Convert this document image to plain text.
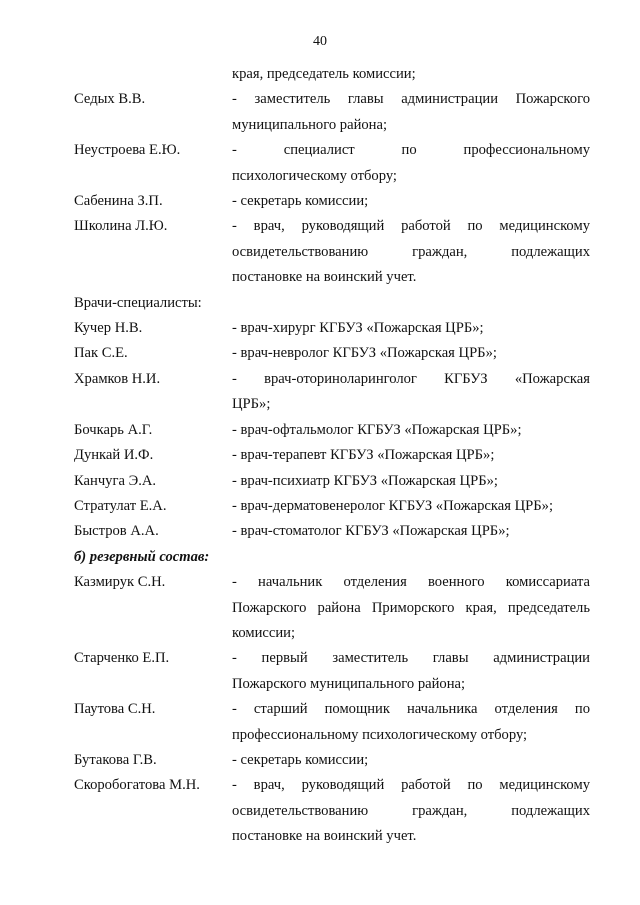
40
края, председатель комиссии;
Седых В.В.	- заместитель главы администрации Пожарского
муниципального района;
Неустроева Е.Ю.	- специалист по профессиональному
психологическому отбору;
Сабенина З.П.	- секретарь комиссии;
Школина Л.Ю.	- врач, руководящий работой по медицинскому
освидетельствованию граждан, подлежащих
постановке на воинский учет.
Врачи-специалисты:
Кучер Н.В.	- врач-хирург КГБУЗ «Пожарская ЦРБ»;
Пак С.Е.	- врач-невролог КГБУЗ «Пожарская ЦРБ»;
Храмков Н.И.	- врач-оториноларинголог КГБУЗ «Пожарская
ЦРБ»;
Бочкарь А.Г.	- врач-офтальмолог КГБУЗ «Пожарская ЦРБ»;
Дункай И.Ф.	- врач-терапевт КГБУЗ «Пожарская ЦРБ»;
Канчуга Э.А.	- врач-психиатр КГБУЗ «Пожарская ЦРБ»;
Стратулат Е.А.	- врач-дерматовенеролог КГБУЗ «Пожарская ЦРБ»;
Быстров А.А.	- врач-стоматолог КГБУЗ «Пожарская ЦРБ»;
б) резервный состав:
Казмирук С.Н.	- начальник отделения военного комиссариата
Пожарского района Приморского края, председатель
комиссии;
Старченко Е.П.	- первый заместитель главы администрации
Пожарского муниципального района;
Паутова С.Н.	- старший помощник начальника отделения по
профессиональному психологическому отбору;
Бутакова Г.В.	- секретарь комиссии;
Скоробогатова М.Н.	- врач, руководящий работой по медицинскому
освидетельствованию граждан, подлежащих
постановке на воинский учет.
